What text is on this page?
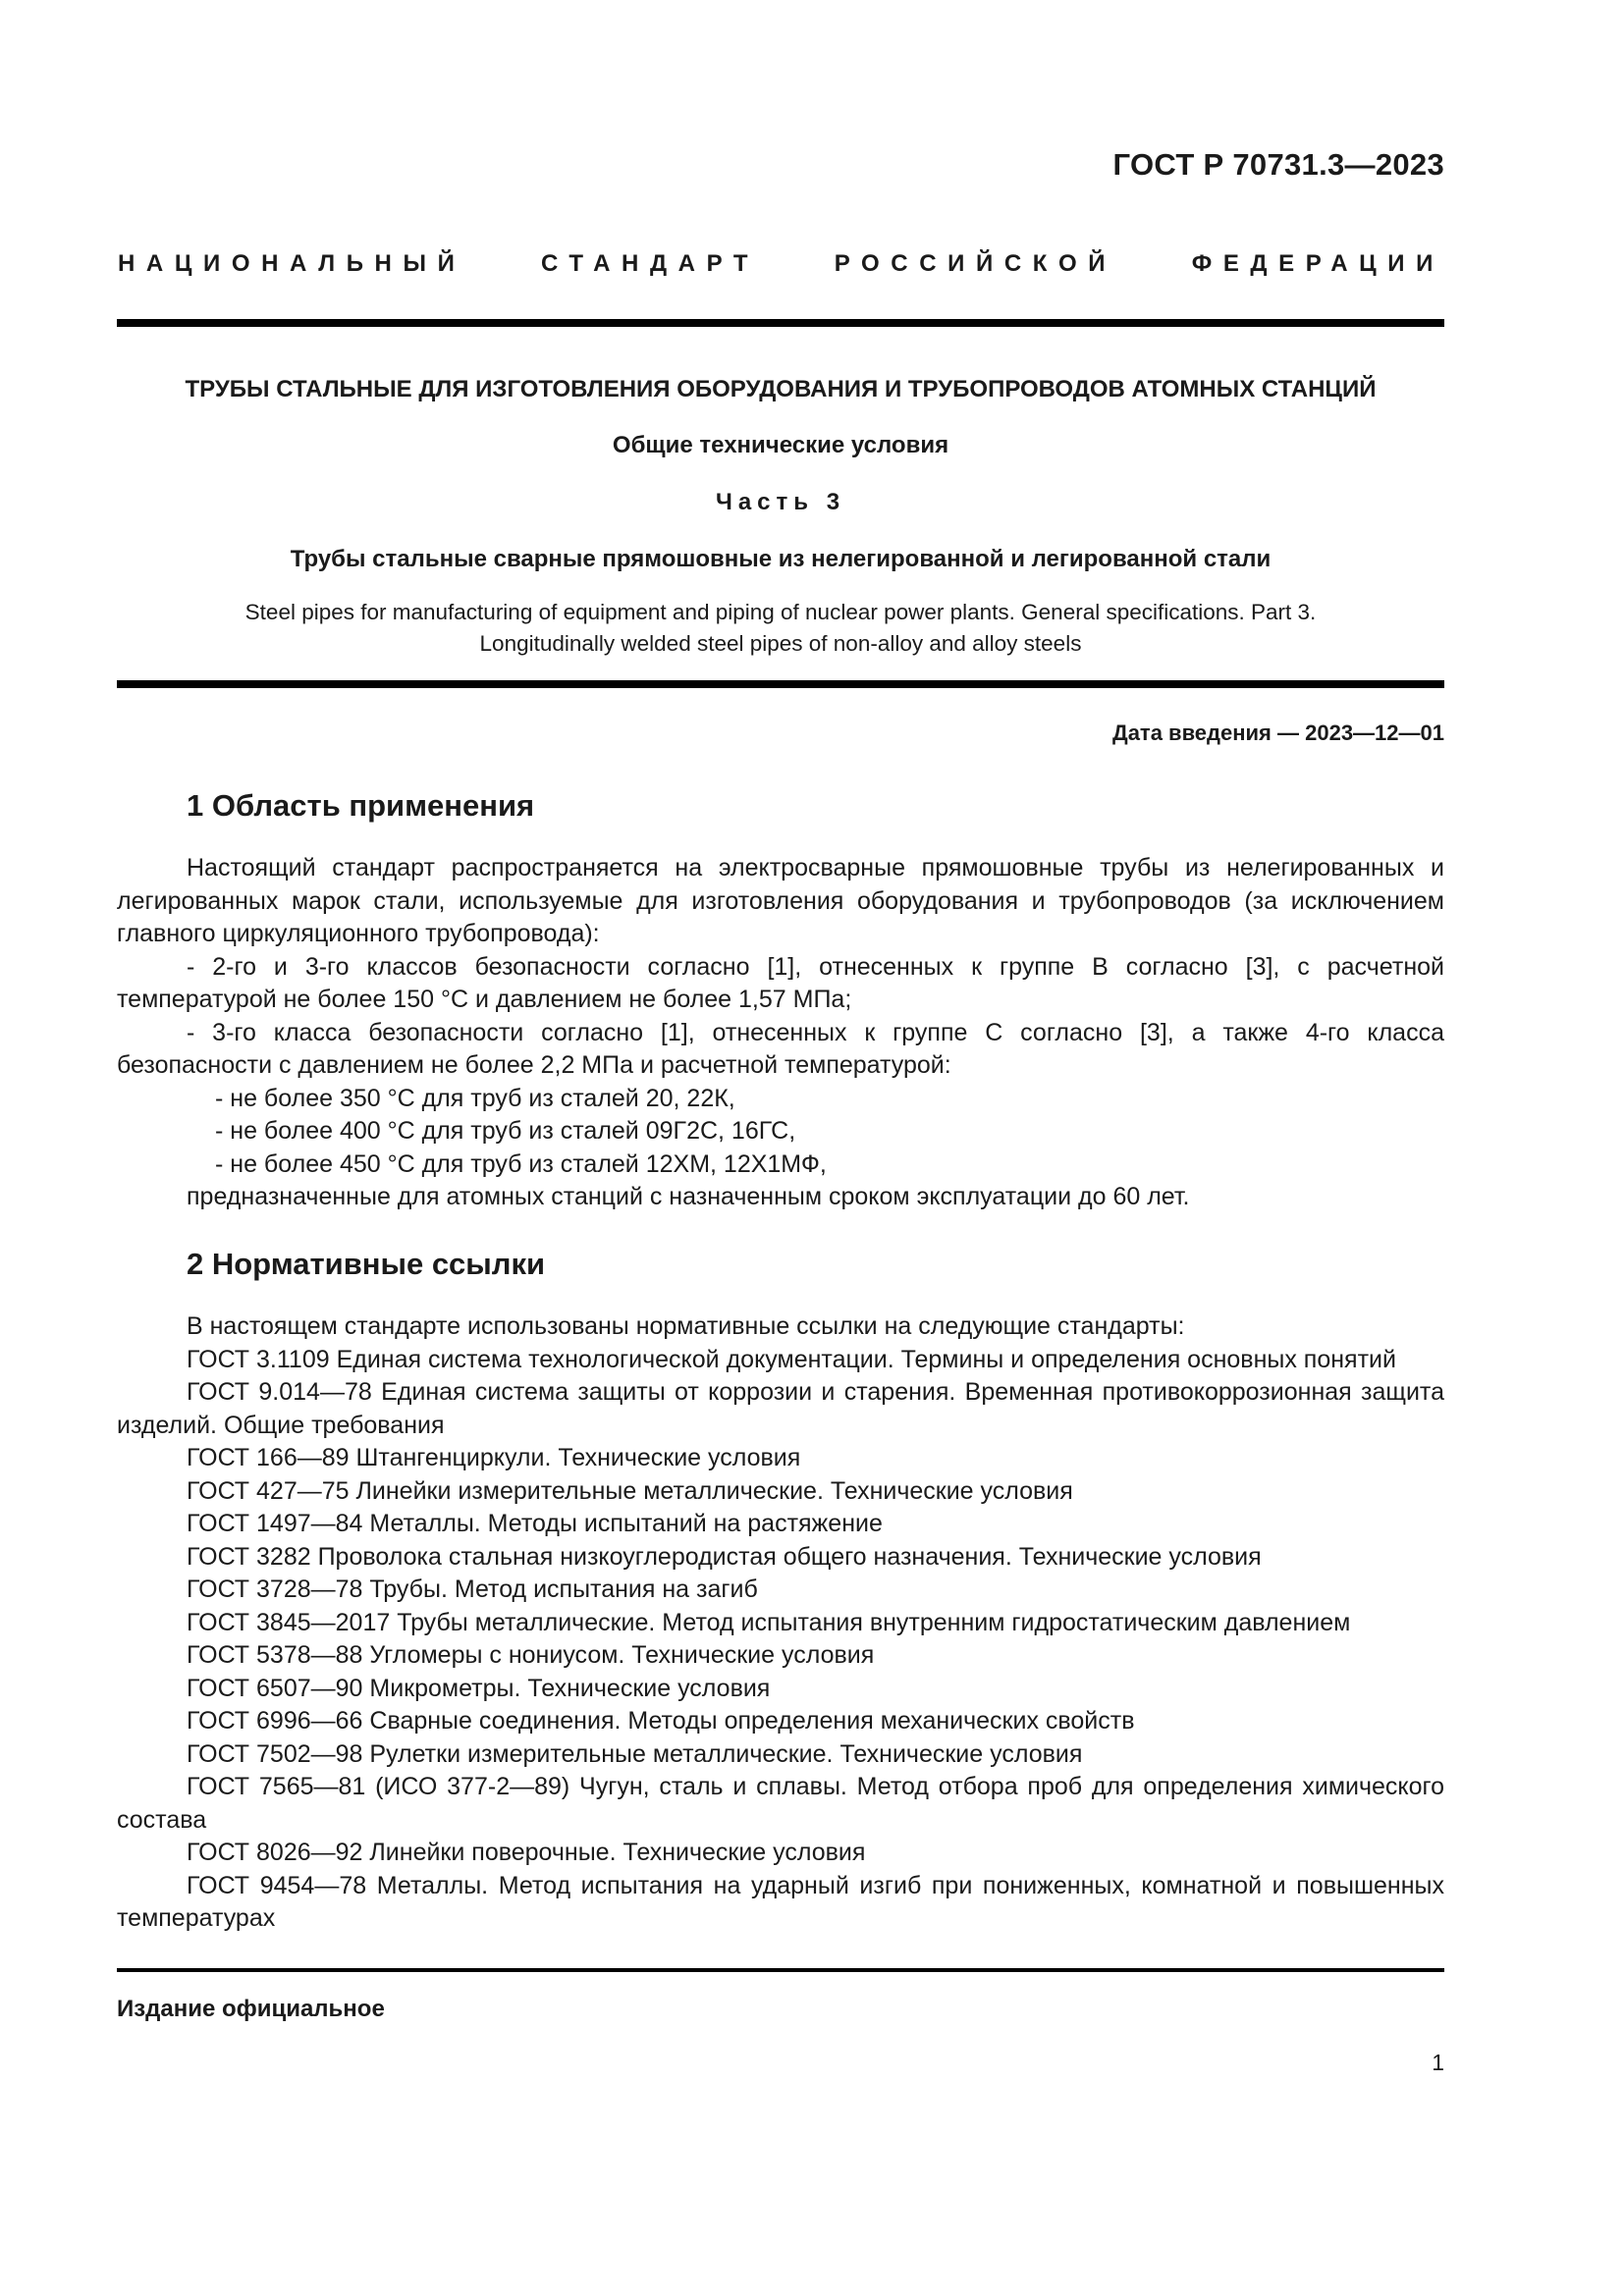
ГОСТ Р 70731.3—2023
НАЦИОНАЛЬНЫЙ СТАНДАРТ РОССИЙСКОЙ ФЕДЕРАЦИИ
ТРУБЫ СТАЛЬНЫЕ ДЛЯ ИЗГОТОВЛЕНИЯ ОБОРУДОВАНИЯ И ТРУБОПРОВОДОВ АТОМНЫХ СТАНЦИЙ
Общие технические условия
Часть 3
Трубы стальные сварные прямошовные из нелегированной и легированной стали
Steel pipes for manufacturing of equipment and piping of nuclear power plants. General specifications. Part 3.
Longitudinally welded steel pipes of non-alloy and alloy steels
Дата введения — 2023—12—01
1 Область применения

Настоящий стандарт распространяется на электросварные прямошовные трубы из нелегированных и легированных марок стали, используемые для изготовления оборудования и трубопроводов (за исключением главного циркуляционного трубопровода):

- 2-го и 3-го классов безопасности согласно [1], отнесенных к группе В согласно [3], с расчетной температурой не более 150 °С и давлением не более 1,57 МПа;

- 3-го класса безопасности согласно [1], отнесенных к группе С согласно [3], а также 4-го класса безопасности с давлением не более 2,2 МПа и расчетной температурой:

- не более 350 °С для труб из сталей 20, 22К,

- не более 400 °С для труб из сталей 09Г2С, 16ГС,

- не более 450 °С для труб из сталей 12ХМ, 12Х1МФ,

предназначенные для атомных станций с назначенным сроком эксплуатации до 60 лет.

2 Нормативные ссылки

В настоящем стандарте использованы нормативные ссылки на следующие стандарты:

ГОСТ 3.1109 Единая система технологической документации. Термины и определения основных понятий

ГОСТ 9.014—78 Единая система защиты от коррозии и старения. Временная противокоррозионная защита изделий. Общие требования

ГОСТ 166—89 Штангенциркули. Технические условия

ГОСТ 427—75 Линейки измерительные металлические. Технические условия

ГОСТ 1497—84 Металлы. Методы испытаний на растяжение

ГОСТ 3282 Проволока стальная низкоуглеродистая общего назначения. Технические условия

ГОСТ 3728—78 Трубы. Метод испытания на загиб

ГОСТ 3845—2017 Трубы металлические. Метод испытания внутренним гидростатическим давлением

ГОСТ 5378—88 Угломеры с нониусом. Технические условия

ГОСТ 6507—90 Микрометры. Технические условия

ГОСТ 6996—66 Сварные соединения. Методы определения механических свойств

ГОСТ 7502—98 Рулетки измерительные металлические. Технические условия

ГОСТ 7565—81 (ИСО 377-2—89) Чугун, сталь и сплавы. Метод отбора проб для определения химического состава

ГОСТ 8026—92 Линейки поверочные. Технические условия

ГОСТ 9454—78 Металлы. Метод испытания на ударный изгиб при пониженных, комнатной и повышенных температурах

Издание официальное
1
